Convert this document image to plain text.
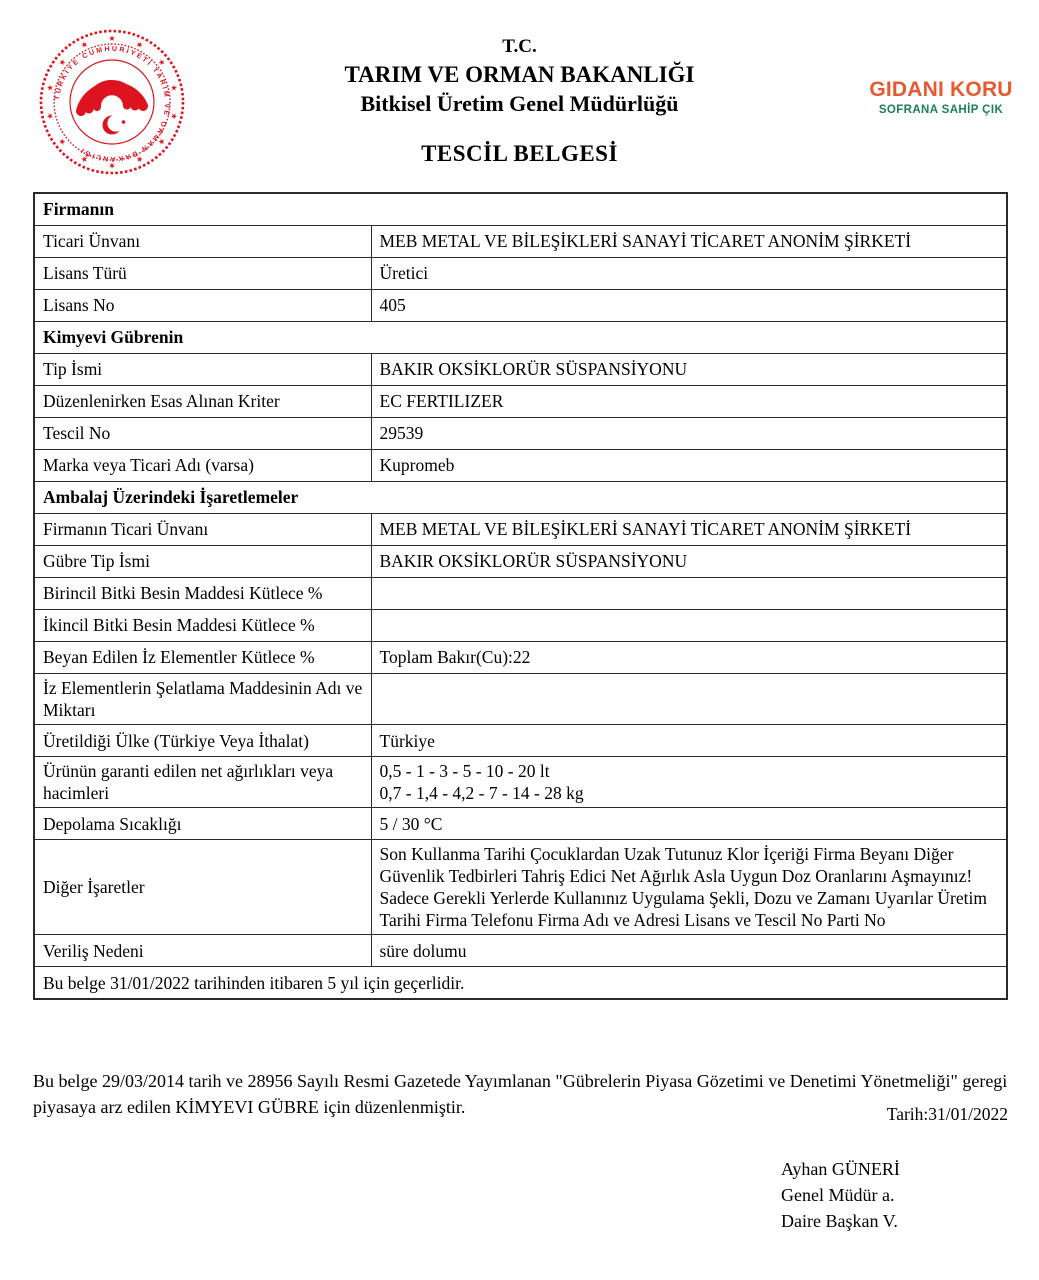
★
★
★
★
★
★
★
★
★
★
★
★
★
★
TÜRKİYE CUMHURİYETİ TARIM VE ORMAN BAKANLIĞI
T.C.
TARIM VE ORMAN BAKANLIĞI
Bitkisel Üretim Genel Müdürlüğü
TESCİL BELGESİ
GIDANI KORU
SOFRANA SAHİP ÇIK
Firmanın	
Ticari Ünvanı	MEB METAL VE BİLEŞİKLERİ SANAYİ TİCARET ANONİM ŞİRKETİ
Lisans Türü	Üretici
Lisans No	405
Kimyevi Gübrenin	
Tip İsmi	BAKIR OKSİKLORÜR SÜSPANSİYONU
Düzenlenirken Esas Alınan Kriter	EC FERTILIZER
Tescil No	29539
Marka veya Ticari Adı (varsa)	Kupromeb
Ambalaj Üzerindeki İşaretlemeler	
Firmanın Ticari Ünvanı	MEB METAL VE BİLEŞİKLERİ SANAYİ TİCARET ANONİM ŞİRKETİ
Gübre Tip İsmi	BAKIR OKSİKLORÜR SÜSPANSİYONU
Birincil Bitki Besin Maddesi Kütlece %	
İkincil Bitki Besin Maddesi Kütlece %	
Beyan Edilen İz Elementler Kütlece %	Toplam Bakır(Cu):22
İz Elementlerin Şelatlama Maddesinin Adı ve Miktarı	
Üretildiği Ülke (Türkiye Veya İthalat)	Türkiye
Ürünün garanti edilen net ağırlıkları veya hacimleri	0,5 - 1 - 3 - 5 - 10 - 20 lt
0,7 - 1,4 - 4,2 - 7 - 14 - 28 kg

Depolama Sıcaklığı	5 / 30 °C
Diğer İşaretler	Son Kullanma Tarihi Çocuklardan Uzak Tutunuz Klor İçeriği Firma Beyanı Diğer Güvenlik Tedbirleri Tahriş Edici Net Ağırlık Asla Uygun Doz Oranlarını Aşmayınız! Sadece Gerekli Yerlerde Kullanınız Uygulama Şekli, Dozu ve Zamanı Uyarılar Üretim Tarihi Firma Telefonu Firma Adı ve Adresi Lisans ve Tescil No Parti No
Veriliş Nedeni	süre dolumu
Bu belge 31/01/2022 tarihinden itibaren 5 yıl için geçerlidir.	

Bu belge 29/03/2014 tarih ve 28956 Sayılı Resmi Gazetede Yayımlanan "Gübrelerin Piyasa Gözetimi ve Denetimi Yönetmeliği" geregi piyasaya arz edilen KİMYEVI GÜBRE için düzenlenmiştir.	Tarih:31/01/2022
Ayhan GÜNERİ
Genel Müdür a.
Daire Başkan V.
